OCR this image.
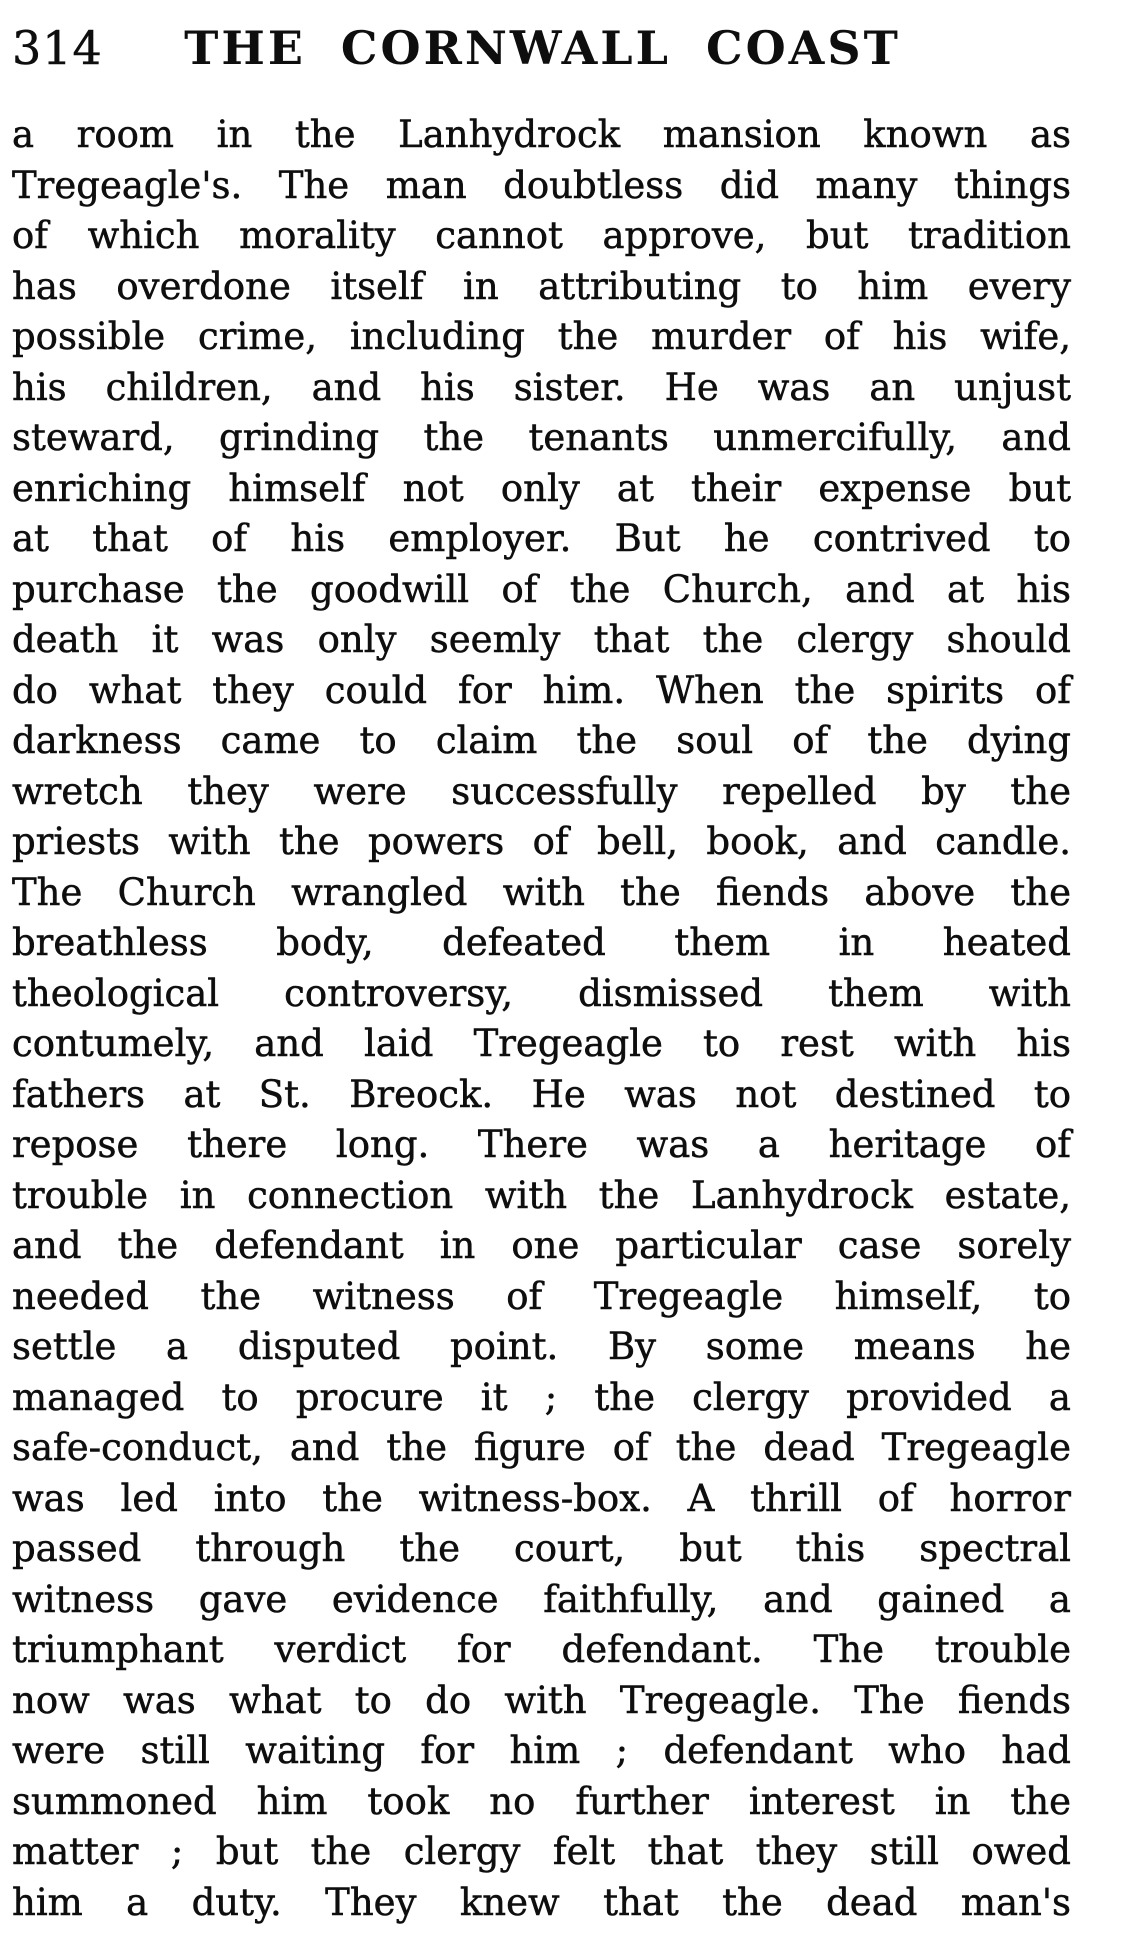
314	THE CORNWALL COAST
a room in the Lanhydrock mansion known as
Tregeagle's. The man doubtless did many things
of which morality cannot approve, but tradition
has overdone itself in attributing to him every
possible crime, including the murder of his wife,
his children, and his sister. He was an unjust
steward, grinding the tenants unmercifully, and
enriching himself not only at their expense but
at that of his employer. But he contrived to
purchase the goodwill of the Church, and at his
death it was only seemly that the clergy should
do what they could for him. When the spirits of
darkness came to claim the soul of the dying
wretch they were successfully repelled by the
priests with the powers of bell, book, and candle.
The Church wrangled with the fiends above the
breathless body, defeated them in heated
theological controversy, dismissed them with
contumely, and laid Tregeagle to rest with his
fathers at St. Breock. He was not destined to
repose there long. There was a heritage of
trouble in connection with the Lanhydrock estate,
and the defendant in one particular case sorely
needed the witness of Tregeagle himself, to
settle a disputed point. By some means he
managed to procure it ; the clergy provided a
safe-conduct, and the figure of the dead Tregeagle
was led into the witness-box. A thrill of horror
passed through the court, but this spectral
witness gave evidence faithfully, and gained a
triumphant verdict for defendant. The trouble
now was what to do with Tregeagle. The fiends
were still waiting for him ; defendant who had
summoned him took no further interest in the
matter ; but the clergy felt that they still owed
him a duty. They knew that the dead man's
